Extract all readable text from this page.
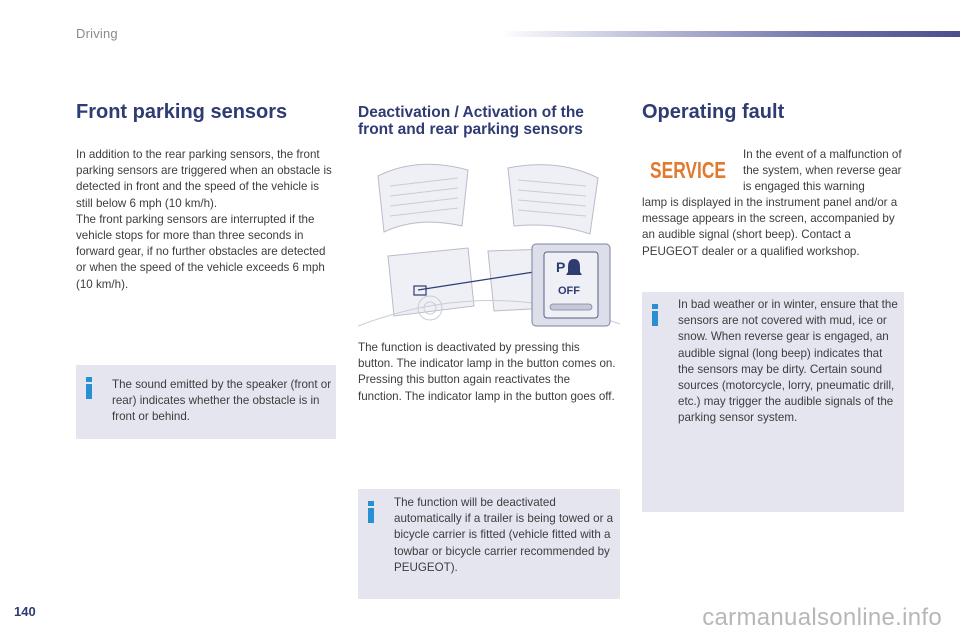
Driving
Front parking sensors

In addition to the rear parking sensors, the front parking sensors are triggered when an obstacle is detected in front and the speed of the vehicle is still below 6 mph (10 km/h).

The front parking sensors are interrupted if the vehicle stops for more than three seconds in forward gear, if no further obstacles are detected or when the speed of the vehicle exceeds 6 mph (10 km/h).

The sound emitted by the speaker (front or rear) indicates whether the obstacle is in front or behind.
Deactivation / Activation of the front and rear parking sensors
P
OFF

The function is deactivated by pressing this button. The indicator lamp in the button comes on.

Pressing this button again reactivates the function. The indicator lamp in the button goes off.

The function will be deactivated automatically if a trailer is being towed or a bicycle carrier is fitted (vehicle fitted with a towbar or bicycle carrier recommended by PEUGEOT).
Operating fault
SERVICE
In the event of a malfunction of the system, when reverse gear is engaged this warning
lamp is displayed in the instrument panel and/or a message appears in the screen, accompanied by an audible signal (short beep). Contact a PEUGEOT dealer or a qualified workshop.
In bad weather or in winter, ensure that the sensors are not covered with mud, ice or snow. When reverse gear is engaged, an audible signal (long beep) indicates that the sensors may be dirty. Certain sound sources (motorcycle, lorry, pneumatic drill, etc.) may trigger the audible signals of the parking sensor system.
140	carmanualsonline.info
